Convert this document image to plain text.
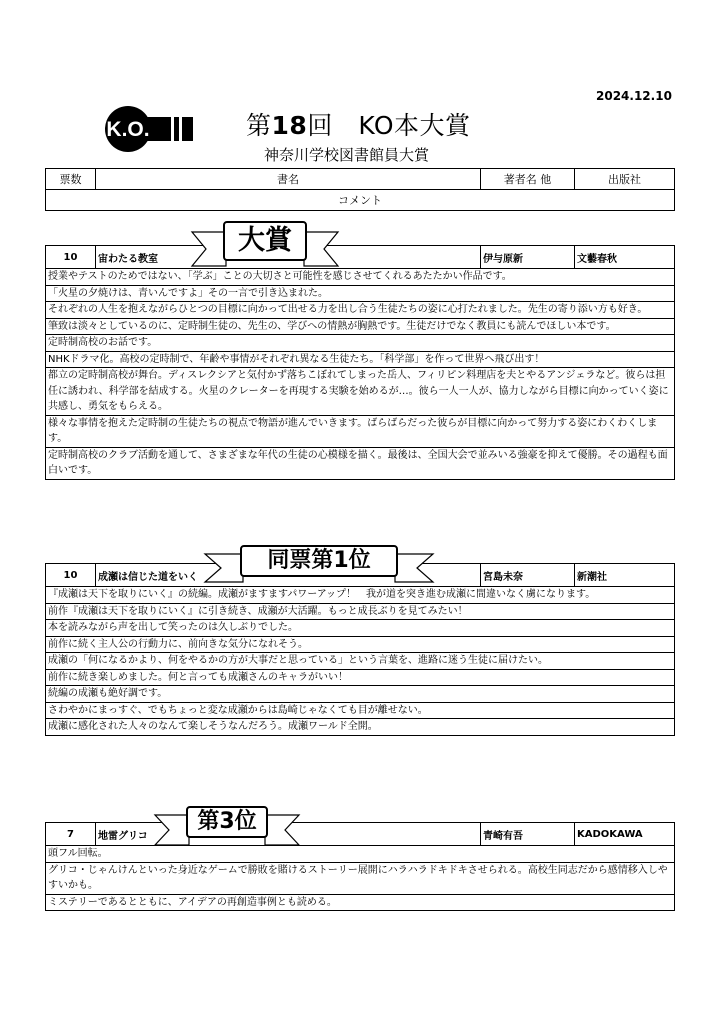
2024.12.10
K.O.	第18回　KO本大賞
神奈川学校図書館員大賞
票数	書名	著者名 他	出版社
コメント
10	宙わたる教室	伊与原新	文藝春秋
授業やテストのためではない、「学ぶ」ことの大切さと可能性を感じさせてくれるあたたかい作品です。
「火星の夕焼けは、青いんですよ」その一言で引き込まれた。
それぞれの人生を抱えながらひとつの目標に向かって出せる力を出し合う生徒たちの姿に心打たれました。先生の寄り添い方も好き。
筆致は淡々としているのに、定時制生徒の、先生の、学びへの情熱が胸熱です。生徒だけでなく教員にも読んでほしい本です。
定時制高校のお話です。
NHKドラマ化。高校の定時制で、年齢や事情がそれぞれ異なる生徒たち。「科学部」を作って世界へ飛び出す！
都立の定時制高校が舞台。ディスレクシアと気付かず落ちこぼれてしまった岳人、フィリピン料理店を夫とやるアンジェラなど。彼らは担任に誘われ、科学部を結成する。火星のクレーターを再現する実験を始めるが…。彼ら一人一人が、協力しながら目標に向かっていく姿に共感し、勇気をもらえる。
様々な事情を抱えた定時制の生徒たちの視点で物語が進んでいきます。ばらばらだった彼らが目標に向かって努力する姿にわくわくします。
定時制高校のクラブ活動を通して、さまざまな年代の生徒の心模様を描く。最後は、全国大会で並みいる強豪を抑えて優勝。その過程も面白いです。
10	成瀬は信じた道をいく	宮島未奈	新潮社
『成瀬は天下を取りにいく』の続編。成瀬がますますパワーアップ！　我が道を突き進む成瀬に間違いなく虜になります。
前作『成瀬は天下を取りにいく』に引き続き、成瀬が大活躍。もっと成長ぶりを見てみたい！
本を読みながら声を出して笑ったのは久しぶりでした。
前作に続く主人公の行動力に、前向きな気分になれそう。
成瀬の「何になるかより、何をやるかの方が大事だと思っている」という言葉を、進路に迷う生徒に届けたい。
前作に続き楽しめました。何と言っても成瀬さんのキャラがいい！
続編の成瀬も絶好調です。
さわやかにまっすぐ、でもちょっと変な成瀬からは島崎じゃなくても目が離せない。
成瀬に感化された人々のなんて楽しそうなんだろう。成瀬ワールド全開。
7	地雷グリコ	青崎有吾	KADOKAWA
頭フル回転。
グリコ・じゃんけんといった身近なゲームで勝敗を賭けるストーリー展開にハラハラドキドキさせられる。高校生同志だから感情移入しやすいかも。
ミステリーであるとともに、アイデアの再創造事例とも読める。
大賞
同票第1位
第3位
